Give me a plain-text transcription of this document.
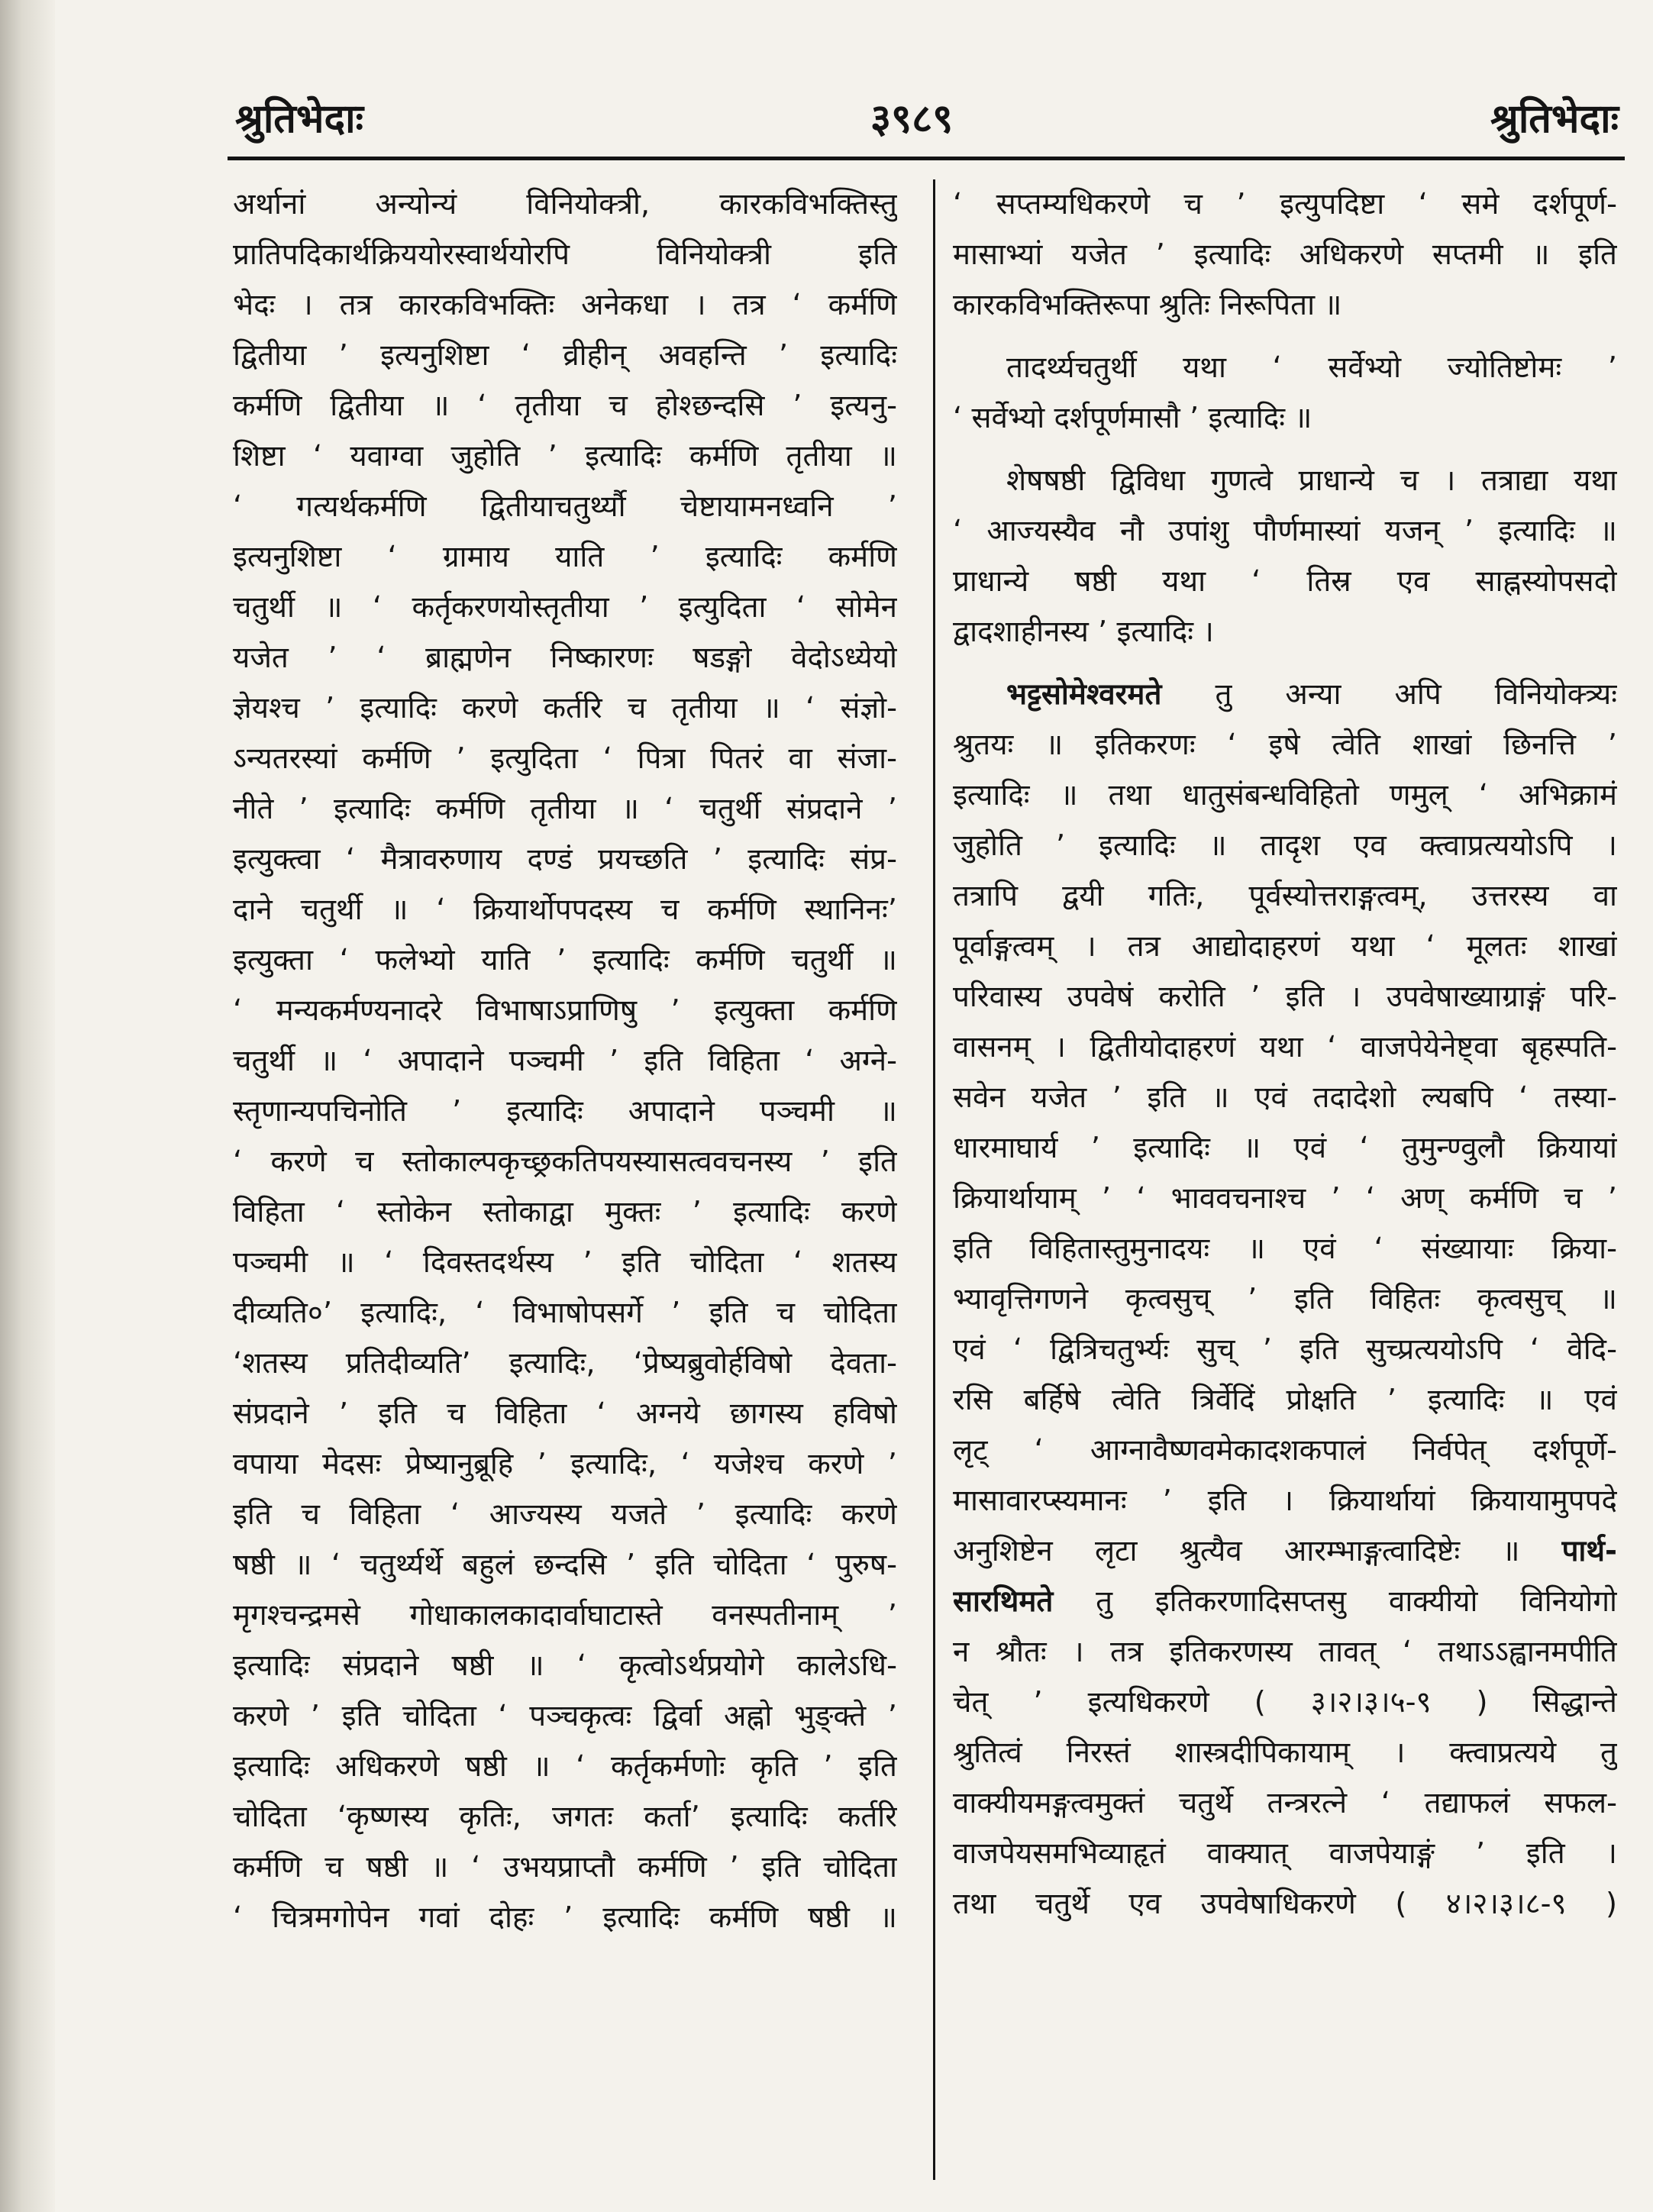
श्रुतिभेदाः	३९८९	श्रुतिभेदाः
अर्थानां अन्योन्यं विनियोक्त्री, कारकविभक्तिस्तु
प्रातिपदिकार्थक्रिययोरस्वार्थयोरपि विनियोक्त्री इति
भेदः । तत्र कारकविभक्तिः अनेकधा । तत्र ‘ कर्मणि
द्वितीया ’ इत्यनुशिष्टा ‘ व्रीहीन् अवहन्ति ’ इत्यादिः
कर्मणि द्वितीया ॥ ‘ तृतीया च होश्छन्दसि ’ इत्यनु-
शिष्टा ‘ यवाग्वा जुहोति ’ इत्यादिः कर्मणि तृतीया ॥
‘ गत्यर्थकर्मणि द्वितीयाचतुर्थ्यौ चेष्टायामनध्वनि ’
इत्यनुशिष्टा ‘ ग्रामाय याति ’ इत्यादिः कर्मणि
चतुर्थी ॥ ‘ कर्तृकरणयोस्तृतीया ’ इत्युदिता ‘ सोमेन
यजेत ’ ‘ ब्राह्मणेन निष्कारणः षडङ्गो वेदोऽध्येयो
ज्ञेयश्च ’ इत्यादिः करणे कर्तरि च तृतीया ॥ ‘ संज्ञो-
ऽन्यतरस्यां कर्मणि ’ इत्युदिता ‘ पित्रा पितरं वा संजा-
नीते ’ इत्यादिः कर्मणि तृतीया ॥ ‘ चतुर्थी संप्रदाने ’
इत्युक्त्वा ‘ मैत्रावरुणाय दण्डं प्रयच्छति ’ इत्यादिः संप्र-
दाने चतुर्थी ॥ ‘ क्रियार्थोपपदस्य च कर्मणि स्थानिनः’
इत्युक्ता ‘ फलेभ्यो याति ’ इत्यादिः कर्मणि चतुर्थी ॥
‘ मन्यकर्मण्यनादरे विभाषाऽप्राणिषु ’ इत्युक्ता कर्मणि
चतुर्थी ॥ ‘ अपादाने पञ्चमी ’ इति विहिता ‘ अग्ने-
स्तृणान्यपचिनोति ’ इत्यादिः अपादाने पञ्चमी ॥
‘ करणे च स्तोकाल्पकृच्छ्रकतिपयस्यासत्ववचनस्य ’ इति
विहिता ‘ स्तोकेन स्तोकाद्वा मुक्तः ’ इत्यादिः करणे
पञ्चमी ॥ ‘ दिवस्तदर्थस्य ’ इति चोदिता ‘ शतस्य
दीव्यति०’ इत्यादिः, ‘ विभाषोपसर्गे ’ इति च चोदिता
‘शतस्य प्रतिदीव्यति’ इत्यादिः, ‘प्रेष्यब्रुवोर्हविषो देवता-
संप्रदाने ’ इति च विहिता ‘ अग्नये छागस्य हविषो
वपाया मेदसः प्रेष्यानुब्रूहि ’ इत्यादिः, ‘ यजेश्च करणे ’
इति च विहिता ‘ आज्यस्य यजते ’ इत्यादिः करणे
षष्ठी ॥ ‘ चतुर्थ्यर्थे बहुलं छन्दसि ’ इति चोदिता ‘ पुरुष-
मृगश्चन्द्रमसे गोधाकालकादार्वाघाटास्ते वनस्पतीनाम् ’
इत्यादिः संप्रदाने षष्ठी ॥ ‘ कृत्वोऽर्थप्रयोगे कालेऽधि-
करणे ’ इति चोदिता ‘ पञ्चकृत्वः द्विर्वा अह्नो भुङ्क्ते ’
इत्यादिः अधिकरणे षष्ठी ॥ ‘ कर्तृकर्मणोः कृति ’ इति
चोदिता ‘कृष्णस्य कृतिः, जगतः कर्ता’ इत्यादिः कर्तरि
कर्मणि च षष्ठी ॥ ‘ उभयप्राप्तौ कर्मणि ’ इति चोदिता
‘ चित्रमगोपेन गवां दोहः ’ इत्यादिः कर्मणि षष्ठी ॥
‘ सप्तम्यधिकरणे च ’ इत्युपदिष्टा ‘ समे दर्शपूर्ण-
मासाभ्यां यजेत ’ इत्यादिः अधिकरणे सप्तमी ॥ इति
कारकविभक्तिरूपा श्रुतिः निरूपिता ॥
तादर्थ्यचतुर्थी यथा ‘ सर्वेभ्यो ज्योतिष्टोमः ’
‘ सर्वेभ्यो दर्शपूर्णमासौ ’ इत्यादिः ॥
शेषषष्ठी द्विविधा गुणत्वे प्राधान्ये च । तत्राद्या यथा
‘ आज्यस्यैव नौ उपांशु पौर्णमास्यां यजन् ’ इत्यादिः ॥
प्राधान्ये षष्ठी यथा ‘ तिस्र एव साह्नस्योपसदो
द्वादशाहीनस्य ’ इत्यादिः ।
भट्टसोमेश्वरमते तु अन्या अपि विनियोक्त्र्यः
श्रुतयः ॥ इतिकरणः ‘ इषे त्वेति शाखां छिनत्ति ’
इत्यादिः ॥ तथा धातुसंबन्धविहितो णमुल् ‘ अभिक्रामं
जुहोति ’ इत्यादिः ॥ तादृश एव क्त्वाप्रत्ययोऽपि ।
तत्रापि द्वयी गतिः, पूर्वस्योत्तराङ्गत्वम्, उत्तरस्य वा
पूर्वाङ्गत्वम् । तत्र आद्योदाहरणं यथा ‘ मूलतः शाखां
परिवास्य उपवेषं करोति ’ इति । उपवेषाख्याग्राङ्गं परि-
वासनम् । द्वितीयोदाहरणं यथा ‘ वाजपेयेनेष्ट्वा बृहस्पति-
सवेन यजेत ’ इति ॥ एवं तदादेशो ल्यबपि ‘ तस्या-
धारमाघार्य ’ इत्यादिः ॥ एवं ‘ तुमुन्ण्वुलौ क्रियायां
क्रियार्थायाम् ’ ‘ भाववचनाश्च ’ ‘ अण् कर्मणि च ’
इति विहितास्तुमुनादयः ॥ एवं ‘ संख्यायाः क्रिया-
भ्यावृत्तिगणने कृत्वसुच् ’ इति विहितः कृत्वसुच् ॥
एवं ‘ द्वित्रिचतुर्भ्यः सुच् ’ इति सुच्प्रत्ययोऽपि ‘ वेदि-
रसि बर्हिषे त्वेति त्रिर्वेदिं प्रोक्षति ’ इत्यादिः ॥ एवं
लृट् ‘ आग्नावैष्णवमेकादशकपालं निर्वपेत् दर्शपूर्णे-
मासावारप्स्यमानः ’ इति । क्रियार्थायां क्रियायामुपपदे
अनुशिष्टेन लृटा श्रुत्यैव आरम्भाङ्गत्वादिष्टेः ॥ पार्थ-
सारथिमते तु इतिकरणादिसप्तसु वाक्यीयो विनियोगो
न श्रौतः । तत्र इतिकरणस्य तावत् ‘ तथाऽऽह्वानमपीति
चेत् ’ इत्यधिकरणे ( ३।२।३।५-९ ) सिद्धान्ते
श्रुतित्वं निरस्तं शास्त्रदीपिकायाम् । क्त्वाप्रत्यये तु
वाक्यीयमङ्गत्वमुक्तं चतुर्थे तन्त्ररत्ने ‘ तद्याफलं सफल-
वाजपेयसमभिव्याहृतं वाक्यात् वाजपेयाङ्गं ’ इति ।
तथा चतुर्थे एव उपवेषाधिकरणे ( ४।२।३।८-९ )
